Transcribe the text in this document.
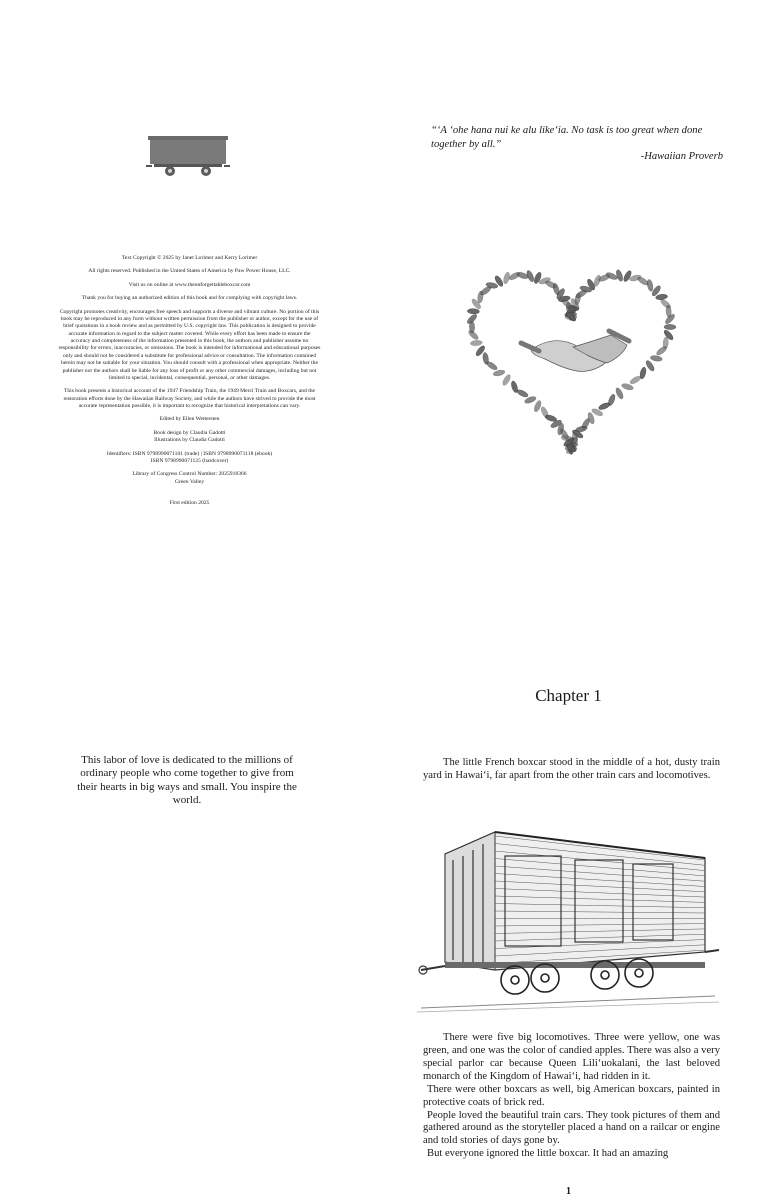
Text Copyright © 2025 by Janet Lorimer and Kerry Lorimer

All rights reserved. Published in the United States of America by Paw Power House, LLC.

Visit us on online at www.theunforgettableboxcar.com

Thank you for buying an authorized edition of this book and for complying with copyright laws.

Copyright promotes creativity, encourages free speech and supports a diverse and vibrant culture. No portion of this book may be reproduced in any form without written permission from the publisher or author, except for the use of brief quotations in a book review and as permitted by U.S. copyright law. This publication is designed to provide accurate information in regard to the subject matter covered. While every effort has been made to ensure the accuracy and completeness of the information presented in this book, the authors and publisher assume no responsibility for errors, inaccuracies, or omissions. The book is intended for informational and educational purposes only and should not be considered a substitute for professional advice or consultation. The information contained herein may not be suitable for your situation. You should consult with a professional when appropriate. Neither the publisher nor the authors shall be liable for any loss of profit or any other commercial damages, including but not limited to special, incidental, consequential, personal, or other damages.

This book presents a historical account of the 1947 Friendship Train, the 1949 Merci Train and Boxcars, and the restoration efforts done by the Hawaiian Railway Society, and while the authors have strived to provide the most accurate representation possible, it is important to recognize that historical interpretations can vary.

Edited by Ellen Wettersten

Book design by Claudia Gadotti

Illustrations by Claudia Gadotti

Identifiers: ISBN 9798990071101 (trade) | ISBN 9798990071118 (ebook)

ISBN 9798990071125 (hardcover)

Library of Congress Control Number: 2025918366

Green Valley

First edition 2025

“ʻA ʻohe hana nui ke alu like‘ia. No task is too great when done together by all.”
-Hawaiian Proverb
This labor of love is dedicated to the millions of ordinary people who come together to give from their hearts in big ways and small. You inspire the world.
Chapter 1

The little French boxcar stood in the middle of a hot, dusty train yard in Hawaiʻi, far apart from the other train cars and locomotives.

There were five big locomotives. Three were yellow, one was green, and one was the color of candied apples. There was also a very special parlor car because Queen Liliʻuokalani, the last beloved monarch of the Kingdom of Hawaiʻi, had ridden in it.

There were other boxcars as well, big American boxcars, painted in protective coats of brick red.

People loved the beautiful train cars. They took pictures of them and gathered around as the storyteller placed a hand on a railcar or engine and told stories of days gone by.

But everyone ignored the little boxcar. It had an amazing

1
